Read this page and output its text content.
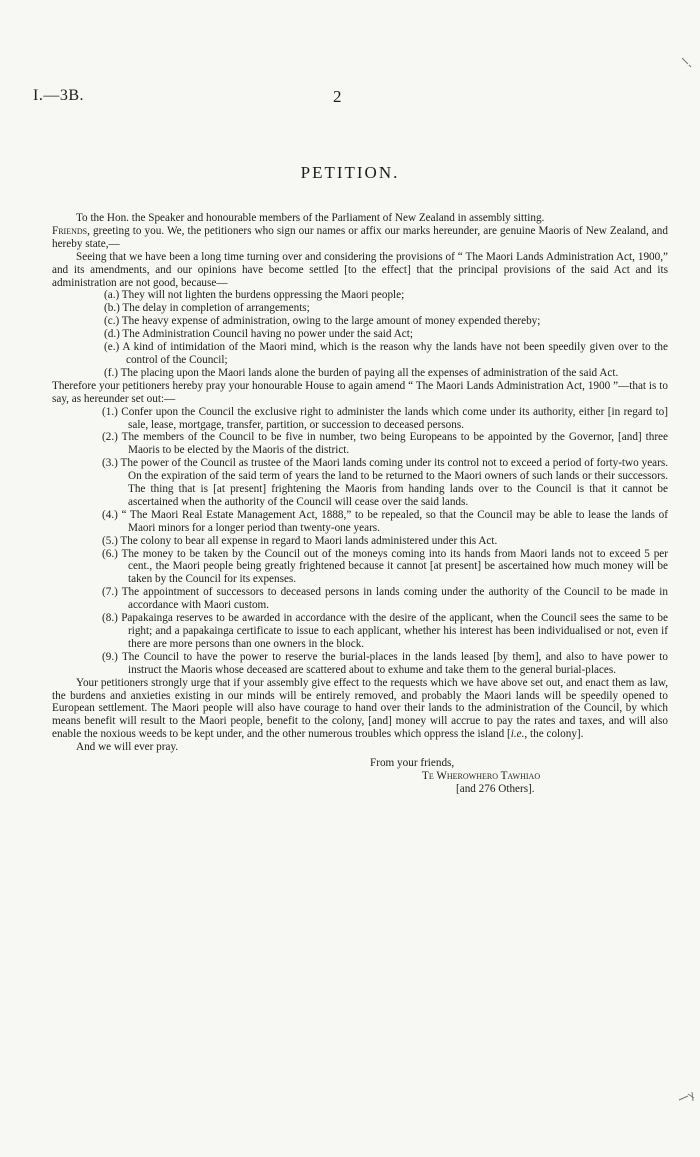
I.—3B.	2
PETITION.

To the Hon. the Speaker and honourable members of the Parliament of New Zealand in assembly sitting.

Friends, greeting to you. We, the petitioners who sign our names or affix our marks hereunder, are genuine Maoris of New Zealand, and hereby state,—

Seeing that we have been a long time turning over and considering the provisions of “ The Maori Lands Administration Act, 1900,” and its amendments, and our opinions have become settled [to the effect] that the principal provisions of the said Act and its administration are not good, because—

(a.) They will not lighten the burdens oppressing the Maori people;

(b.) The delay in completion of arrangements;

(c.) The heavy expense of administration, owing to the large amount of money expended thereby;

(d.) The Administration Council having no power under the said Act;

(e.) A kind of intimidation of the Maori mind, which is the reason why the lands have not been speedily given over to the control of the Council;

(f.) The placing upon the Maori lands alone the burden of paying all the expenses of administration of the said Act.

Therefore your petitioners hereby pray your honourable House to again amend “ The Maori Lands Administration Act, 1900 ”—that is to say, as hereunder set out:—

(1.) Confer upon the Council the exclusive right to administer the lands which come under its authority, either [in regard to] sale, lease, mortgage, transfer, partition, or succession to deceased persons.

(2.) The members of the Council to be five in number, two being Europeans to be appointed by the Governor, [and] three Maoris to be elected by the Maoris of the district.

(3.) The power of the Council as trustee of the Maori lands coming under its control not to exceed a period of forty-two years. On the expiration of the said term of years the land to be returned to the Maori owners of such lands or their successors. The thing that is [at present] frightening the Maoris from handing lands over to the Council is that it cannot be ascertained when the authority of the Council will cease over the said lands.

(4.) “ The Maori Real Estate Management Act, 1888,” to be repealed, so that the Council may be able to lease the lands of Maori minors for a longer period than twenty-one years.

(5.) The colony to bear all expense in regard to Maori lands administered under this Act.

(6.) The money to be taken by the Council out of the moneys coming into its hands from Maori lands not to exceed 5 per cent., the Maori people being greatly frightened because it cannot [at present] be ascertained how much money will be taken by the Council for its expenses.

(7.) The appointment of successors to deceased persons in lands coming under the authority of the Council to be made in accordance with Maori custom.

(8.) Papakainga reserves to be awarded in accordance with the desire of the applicant, when the Council sees the same to be right; and a papakainga certificate to issue to each applicant, whether his interest has been individualised or not, even if there are more persons than one owners in the block.

(9.) The Council to have the power to reserve the burial-places in the lands leased [by them], and also to have power to instruct the Maoris whose deceased are scattered about to exhume and take them to the general burial-places.

Your petitioners strongly urge that if your assembly give effect to the requests which we have above set out, and enact them as law, the burdens and anxieties existing in our minds will be entirely removed, and probably the Maori lands will be speedily opened to European settlement. The Maori people will also have courage to hand over their lands to the administration of the Council, by which means benefit will result to the Maori people, benefit to the colony, [and] money will accrue to pay the rates and taxes, and will also enable the noxious weeds to be kept under, and the other numerous troubles which oppress the island [i.e., the colony].

And we will ever pray.

From your friends,
Te Wherowhero Tawhiao
[and 276 Others].
